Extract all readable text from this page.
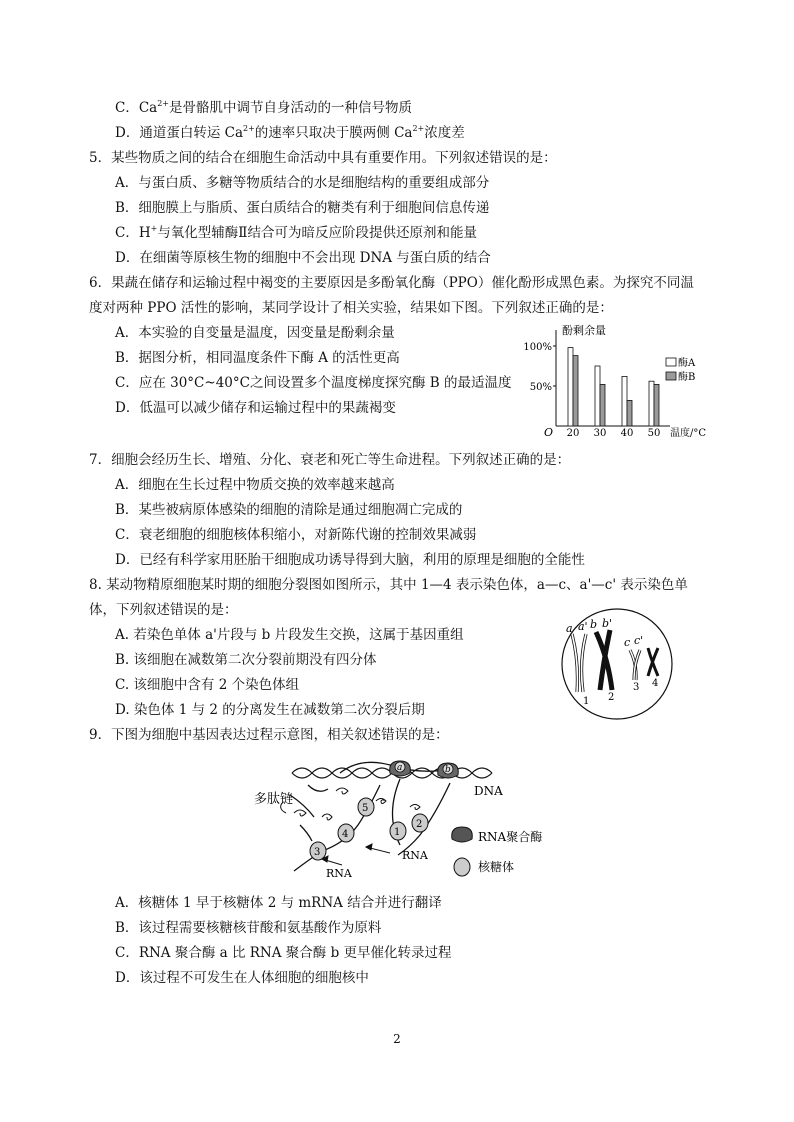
C．$Ca^{2+}$是骨骼肌中调节自身活动的一种信号物质
D．通道蛋白转运 $Ca^{2+}$的速率只取决于膜两侧 $Ca^{2+}$浓度差
5．某些物质之间的结合在细胞生命活动中具有重要作用。下列叙述错误的是：
A．与蛋白质、多糖等物质结合的水是细胞结构的重要组成部分
B．细胞膜上与脂质、蛋白质结合的糖类有利于细胞间信息传递
C．H+与氧化型辅酶Ⅱ结合可为暗反应阶段提供还原剂和能量
D．在细菌等原核生物的细胞中不会出现 DNA 与蛋白质的结合
6．果蔬在储存和运输过程中褐变的主要原因是多酚氧化酶（PPO）催化酚形成黑色素。为探究不同温
度对两种 PPO 活性的影响，某同学设计了相关实验，结果如下图。下列叙述正确的是：
A．本实验的自变量是温度，因变量是酚剩余量
B．据图分析，相同温度条件下酶 A 的活性更高
C．应在 30°C~40°C之间设置多个温度梯度探究酶 B 的最适温度
D．低温可以减少储存和运输过程中的果蔬褐变
酚剩余量
O	温度/°C
100%
50%
20 30 40 50
酶A
酶B
7．细胞会经历生长、增殖、分化、衰老和死亡等生命进程。下列叙述正确的是：
A．细胞在生长过程中物质交换的效率越来越高
B．某些被病原体感染的细胞的清除是通过细胞凋亡完成的
C．衰老细胞的细胞核体积缩小，对新陈代谢的控制效果减弱
D．已经有科学家用胚胎干细胞成功诱导得到大脑，利用的原理是细胞的全能性
8. 某动物精原细胞某时期的细胞分裂图如图所示，其中 1—4 表示染色体，a—c、a'—c' 表示染色单
体，下列叙述错误的是：
A. 若染色单体 a'片段与 b 片段发生交换，这属于基因重组
B. 该细胞在减数第二次分裂前期没有四分体
C. 该细胞中含有 2 个染色体组
D. 染色体 1 与 2 的分离发生在减数第二次分裂后期
a a' b b'
c c'
1 2
3 4
9．下图为细胞中基因表达过程示意图，相关叙述错误的是：
a	b
5
4
3
1
2
多肽链
DNA
RNA
RNA
RNA聚合酶
核糖体
A．核糖体 1 早于核糖体 2 与 mRNA 结合并进行翻译
B．该过程需要核糖核苷酸和氨基酸作为原料
C．RNA 聚合酶 a 比 RNA 聚合酶 b 更早催化转录过程
D．该过程不可发生在人体细胞的细胞核中
2
